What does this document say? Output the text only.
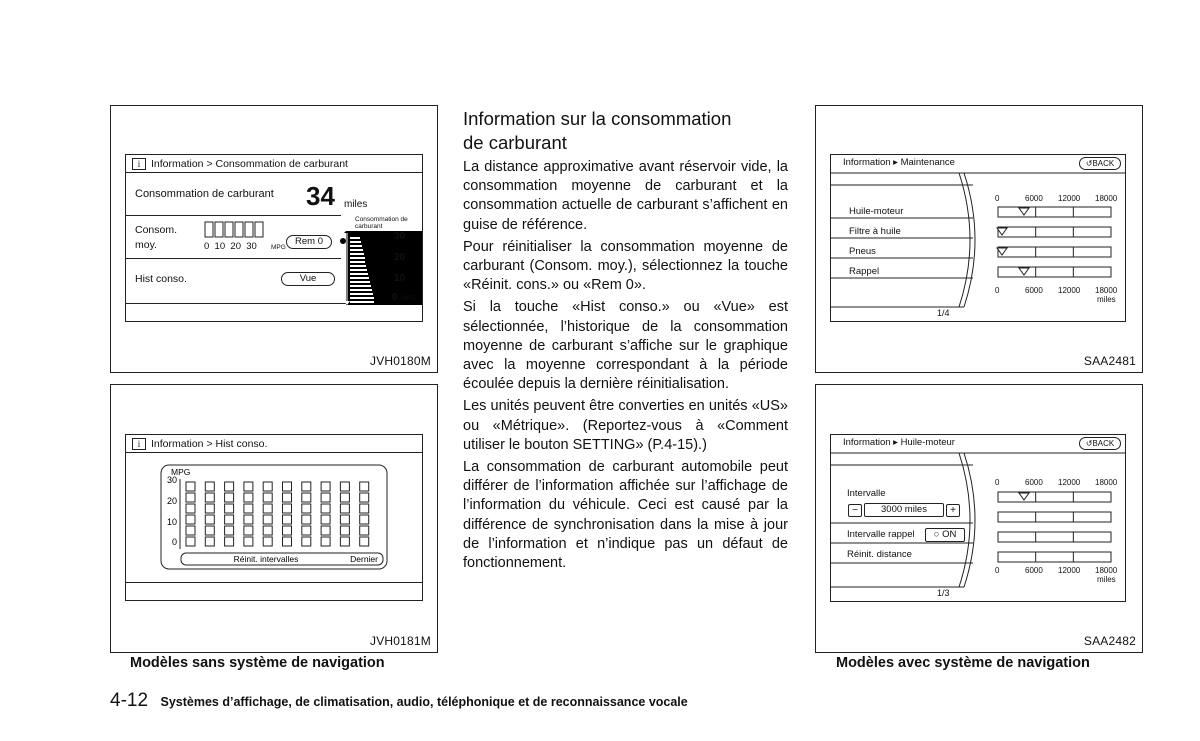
i	Information > Consommation de carburant
Consommation de carburant 34 miles
Consom.
moy.	0  10  20  30 MPG
Rem 0
Hist conso.	Vue
Consommation de
carburant
30
20
10
0 MPG
JVH0180M
i	Information > Hist conso.
MPG
30
20
10
0
Réinit. intervalles	Dernier
JVH0181M
Modèles sans système de navigation
Information sur la consommation
de carburant

La distance approximative avant réservoir vide, la consommation moyenne de carburant et la consommation actuelle de carburant s’affichent en guise de référence.

Pour réinitialiser la consommation moyenne de carburant (Consom. moy.), sélectionnez la touche «Réinit. cons.» ou «Rem 0».

Si la touche «Hist conso.» ou «Vue» est sélectionnée, l’historique de la consommation moyenne de carburant s’affiche sur le graphique avec la moyenne correspondant à la période écoulée depuis la dernière réinitialisation.

Les unités peuvent être converties en unités «US» ou «Métrique». (Reportez-vous à «Comment utiliser le bouton SETTING» (P.4-15).)

La consommation de carburant automobile peut différer de l’information affichée sur l’affichage de l’information du véhicule. Ceci est causé par la différence de synchronisation dans la mise à jour de l’information et n’indique pas un défaut de fonctionnement.

Information ▸ Maintenance	↺BACK
Huile-moteur
Filtre à huile
Pneus
Rappel
0	6000 12000 18000
0	6000 12000 18000
miles
1/4
SAA2481
Information ▸ Huile-moteur	↺BACK
Intervalle
−	3000 miles	+
Intervalle rappel	○ ON
Réinit. distance
0	6000 12000 18000
0	6000 12000 18000
miles
1/3
SAA2482
Modèles avec système de navigation
4-12 Systèmes d’affichage, de climatisation, audio, téléphonique et de reconnaissance vocale
